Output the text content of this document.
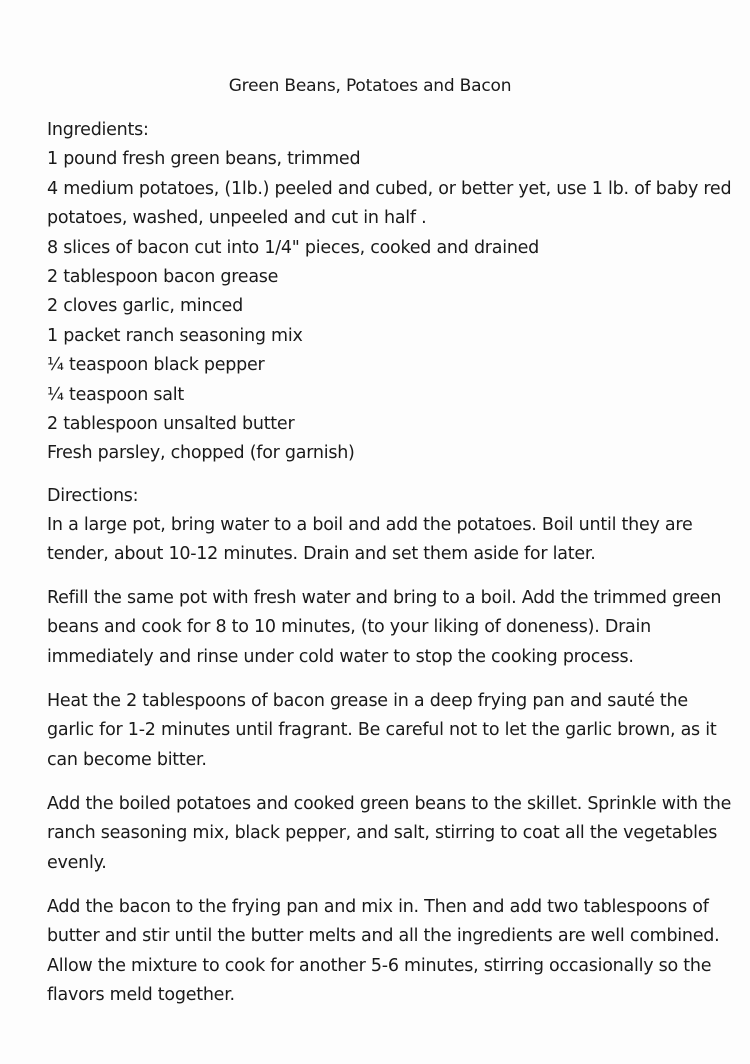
Green Beans, Potatoes and Bacon
Ingredients:
1 pound fresh green beans, trimmed
4 medium potatoes, (1lb.) peeled and cubed, or better yet, use 1 lb. of baby red potatoes, washed, unpeeled and cut in half .
8 slices of bacon cut into 1/4" pieces, cooked and drained
2 tablespoon bacon grease
2 cloves garlic, minced
1 packet ranch seasoning mix
¼ teaspoon black pepper
¼ teaspoon salt
2 tablespoon unsalted butter
Fresh parsley, chopped (for garnish)
Directions:

In a large pot, bring water to a boil and add the potatoes. Boil until they are tender, about 10-12 minutes. Drain and set them aside for later.

Refill the same pot with fresh water and bring to a boil. Add the trimmed green beans and cook for 8 to 10 minutes, (to your liking of doneness). Drain immediately and rinse under cold water to stop the cooking process.

Heat the 2 tablespoons of bacon grease in a deep frying pan and sauté the garlic for 1-2 minutes until fragrant. Be careful not to let the garlic brown, as it can become bitter.

Add the boiled potatoes and cooked green beans to the skillet. Sprinkle with the ranch seasoning mix, black pepper, and salt, stirring to coat all the vegetables evenly.

Add the bacon to the frying pan and mix in. Then and add two tablespoons of butter and stir until the butter melts and all the ingredients are well combined. Allow the mixture to cook for another 5-6 minutes, stirring occasionally so the flavors meld together.
